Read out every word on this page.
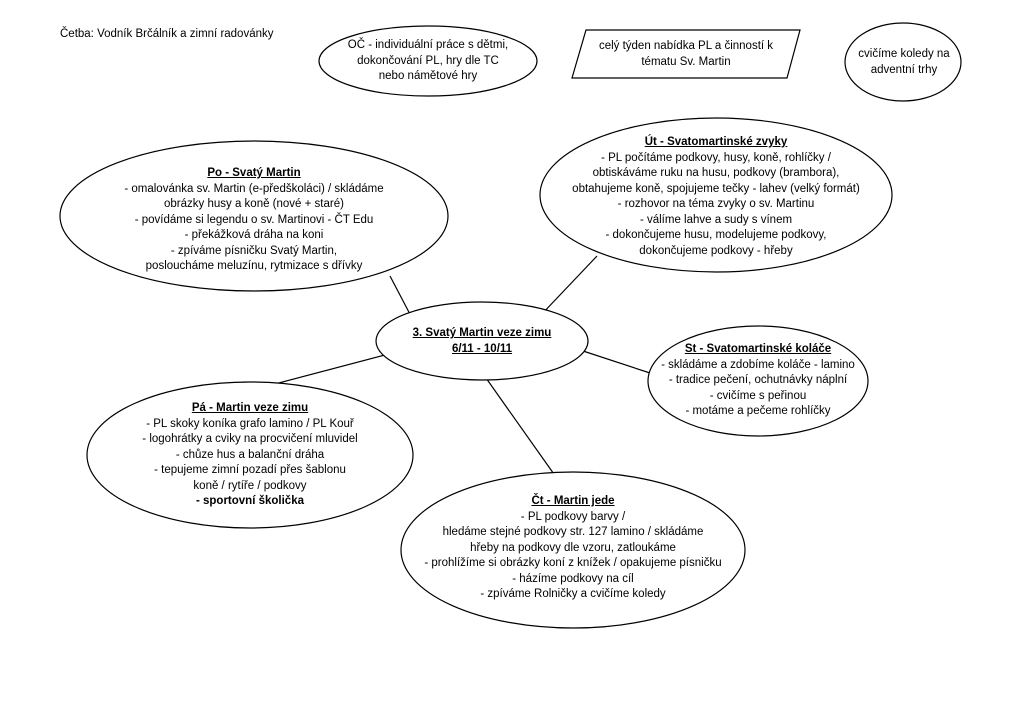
Četba: Vodník Brčálník a zimní radovánky
OČ - individuální práce s dětmi,
dokončování PL, hry dle TC
nebo námětové hry
celý týden nabídka PL a činností k
tématu Sv. Martin
cvičíme koledy na
adventní trhy
Po - Svatý Martin
- omalovánka sv. Martin (e-předškoláci) / skládáme
obrázky husy a koně (nové + staré)
- povídáme si legendu o sv. Martinovi - ČT Edu
- překážková dráha na koni
- zpíváme písničku Svatý Martin,
posloucháme meluzínu, rytmizace s dřívky
Út - Svatomartinské zvyky
- PL počítáme podkovy, husy, koně, rohlíčky /
obtiskáváme ruku na husu, podkovy (brambora),
obtahujeme koně, spojujeme tečky - lahev (velký formát)
- rozhovor na téma zvyky o sv. Martinu
- válíme lahve a sudy s vínem
- dokončujeme husu, modelujeme podkovy,
dokončujeme podkovy - hřeby
3. Svatý Martin veze zimu
6/11 - 10/11	St - Svatomartinské koláče
- skládáme a zdobíme koláče - lamino
- tradice pečení, ochutnávky náplní
- cvičíme s peřinou
- motáme a pečeme rohlíčky
Pá - Martin veze zimu
- PL skoky koníka grafo lamino / PL Kouř
- logohrátky a cviky na procvičení mluvidel
- chůze hus a balanční dráha
- tepujeme zimní pozadí přes šablonu
koně / rytíře / podkovy
- sportovní školička	Čt - Martin jede
- PL podkovy barvy /
hledáme stejné podkovy str. 127 lamino / skládáme
hřeby na podkovy dle vzoru, zatloukáme
- prohlížíme si obrázky koní z knížek / opakujeme písničku
- házíme podkovy na cíl
- zpíváme Rolničky a cvičíme koledy
